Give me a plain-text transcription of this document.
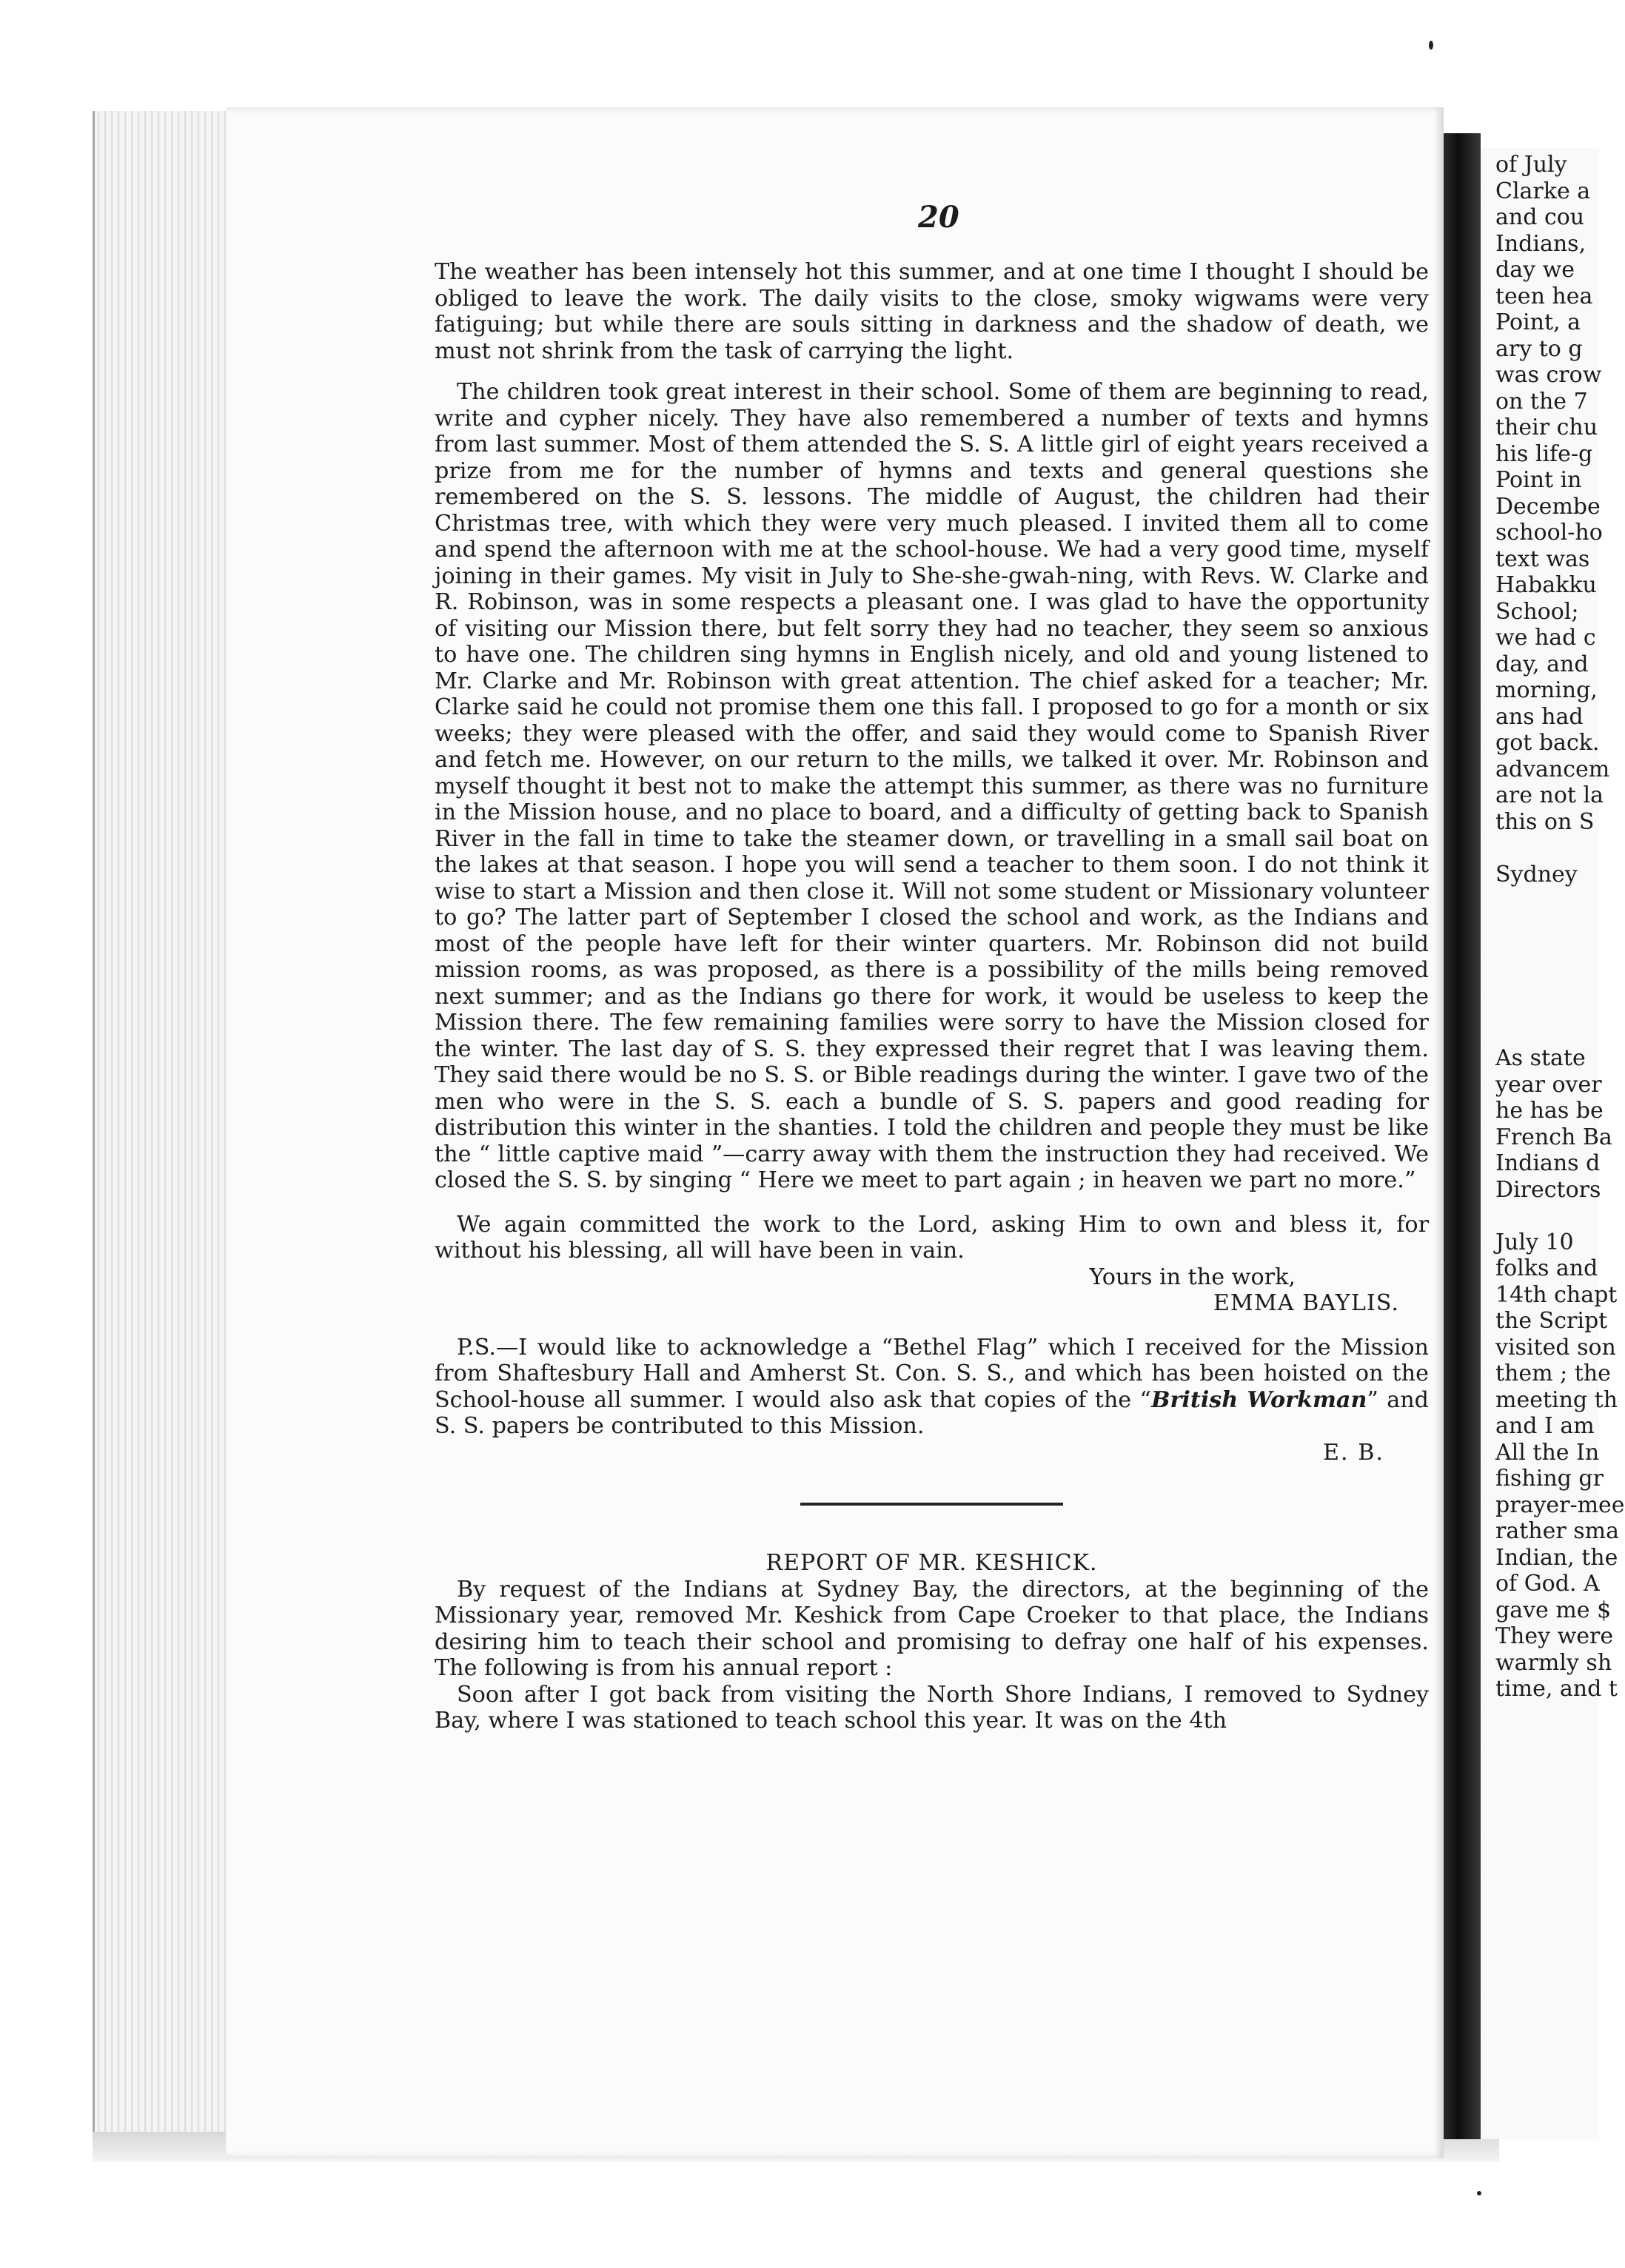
20

The weather has been intensely hot this summer, and at one time I thought I should be obliged to leave the work. The daily visits to the close, smoky wigwams were very fatiguing; but while there are souls sitting in darkness and the shadow of death, we must not shrink from the task of carrying the light.

The children took great interest in their school. Some of them are beginning to read, write and cypher nicely. They have also remembered a number of texts and hymns from last summer. Most of them attended the S. S. A little girl of eight years received a prize from me for the number of hymns and texts and general questions she remembered on the S. S. lessons. The middle of August, the children had their Christmas tree, with which they were very much pleased. I invited them all to come and spend the afternoon with me at the school-house. We had a very good time, myself joining in their games. My visit in July to She-she-gwah-ning, with Revs. W. Clarke and R. Robinson, was in some respects a pleasant one. I was glad to have the opportunity of visiting our Mission there, but felt sorry they had no teacher, they seem so anxious to have one. The children sing hymns in English nicely, and old and young listened to Mr. Clarke and Mr. Robinson with great attention. The chief asked for a teacher; Mr. Clarke said he could not promise them one this fall. I proposed to go for a month or six weeks; they were pleased with the offer, and said they would come to Spanish River and fetch me. However, on our return to the mills, we talked it over. Mr. Robinson and myself thought it best not to make the attempt this summer, as there was no furniture in the Mission house, and no place to board, and a difficulty of getting back to Spanish River in the fall in time to take the steamer down, or travelling in a small sail boat on the lakes at that season. I hope you will send a teacher to them soon. I do not think it wise to start a Mission and then close it. Will not some student or Missionary volunteer to go? The latter part of September I closed the school and work, as the Indians and most of the people have left for their winter quarters. Mr. Robinson did not build mission rooms, as was proposed, as there is a possibility of the mills being removed next summer; and as the Indians go there for work, it would be useless to keep the Mission there. The few remaining families were sorry to have the Mission closed for the winter. The last day of S. S. they expressed their regret that I was leaving them. They said there would be no S. S. or Bible readings during the winter. I gave two of the men who were in the S. S. each a bundle of S. S. papers and good reading for distribution this winter in the shanties. I told the children and people they must be like the “ little captive maid ”—carry away with them the instruction they had received. We closed the S. S. by singing “ Here we meet to part again ; in heaven we part no more.”

We again committed the work to the Lord, asking Him to own and bless it, for without his blessing, all will have been in vain.

Yours in the work,

EMMA BAYLIS.

P.S.—I would like to acknowledge a “Bethel Flag” which I received for the Mission from Shaftesbury Hall and Amherst St. Con. S. S., and which has been hoisted on the School-house all summer. I would also ask that copies of the “British Workman” and S. S. papers be contributed to this Mission.

E. B.

REPORT OF MR. KESHICK.

By request of the Indians at Sydney Bay, the directors, at the beginning of the Missionary year, removed Mr. Keshick from Cape Croeker to that place, the Indians desiring him to teach their school and promising to defray one half of his expenses. The following is from his annual report :

Soon after I got back from visiting the North Shore Indians, I removed to Sydney Bay, where I was stationed to teach school this year. It was on the 4th

of July
Clarke a
and cou
Indians,
day we
teen hea
Point, a
ary to g
was crow
on the 7
their chu
his life-g
Point in
Decembe
school-ho
text was
Habakku
School;
we had c
day, and
morning,
ans had
got back.
advancem
are not la
this on S
Sydney
As state
year over
he has be
French Ba
Indians d
Directors
July 10
folks and
14th chapt
the Script
visited son
them ; the
meeting th
and I am
All the In
fishing gr
prayer-mee
rather sma
Indian, the
of God. A
gave me $
They were
warmly sh
time, and t
